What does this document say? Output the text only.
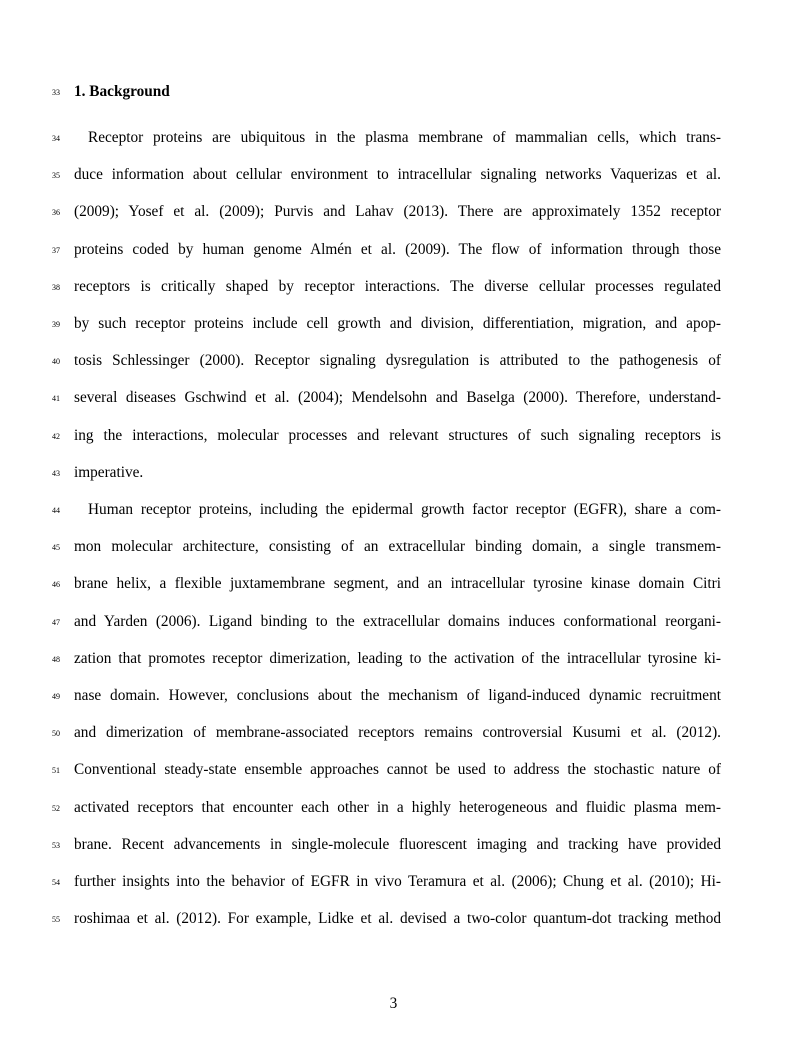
33 1. Background
34	Receptor proteins are ubiquitous in the plasma membrane of mammalian cells, which trans-
35 duce information about cellular environment to intracellular signaling networks Vaquerizas et al.
36 (2009); Yosef et al. (2009); Purvis and Lahav (2013). There are approximately 1352 receptor
37 proteins coded by human genome Almén et al. (2009). The flow of information through those
38 receptors is critically shaped by receptor interactions. The diverse cellular processes regulated
39 by such receptor proteins include cell growth and division, differentiation, migration, and apop-
40 tosis Schlessinger (2000). Receptor signaling dysregulation is attributed to the pathogenesis of
41 several diseases Gschwind et al. (2004); Mendelsohn and Baselga (2000). Therefore, understand-
42 ing the interactions, molecular processes and relevant structures of such signaling receptors is
43 imperative.
44	Human receptor proteins, including the epidermal growth factor receptor (EGFR), share a com-
45 mon molecular architecture, consisting of an extracellular binding domain, a single transmem-
46 brane helix, a flexible juxtamembrane segment, and an intracellular tyrosine kinase domain Citri
47 and Yarden (2006). Ligand binding to the extracellular domains induces conformational reorgani-
48 zation that promotes receptor dimerization, leading to the activation of the intracellular tyrosine ki-
49 nase domain. However, conclusions about the mechanism of ligand-induced dynamic recruitment
50 and dimerization of membrane-associated receptors remains controversial Kusumi et al. (2012).
51 Conventional steady-state ensemble approaches cannot be used to address the stochastic nature of
52 activated receptors that encounter each other in a highly heterogeneous and fluidic plasma mem-
53 brane. Recent advancements in single-molecule fluorescent imaging and tracking have provided
54 further insights into the behavior of EGFR in vivo Teramura et al. (2006); Chung et al. (2010); Hi-
55 roshimaa et al. (2012). For example, Lidke et al. devised a two-color quantum-dot tracking method
3
